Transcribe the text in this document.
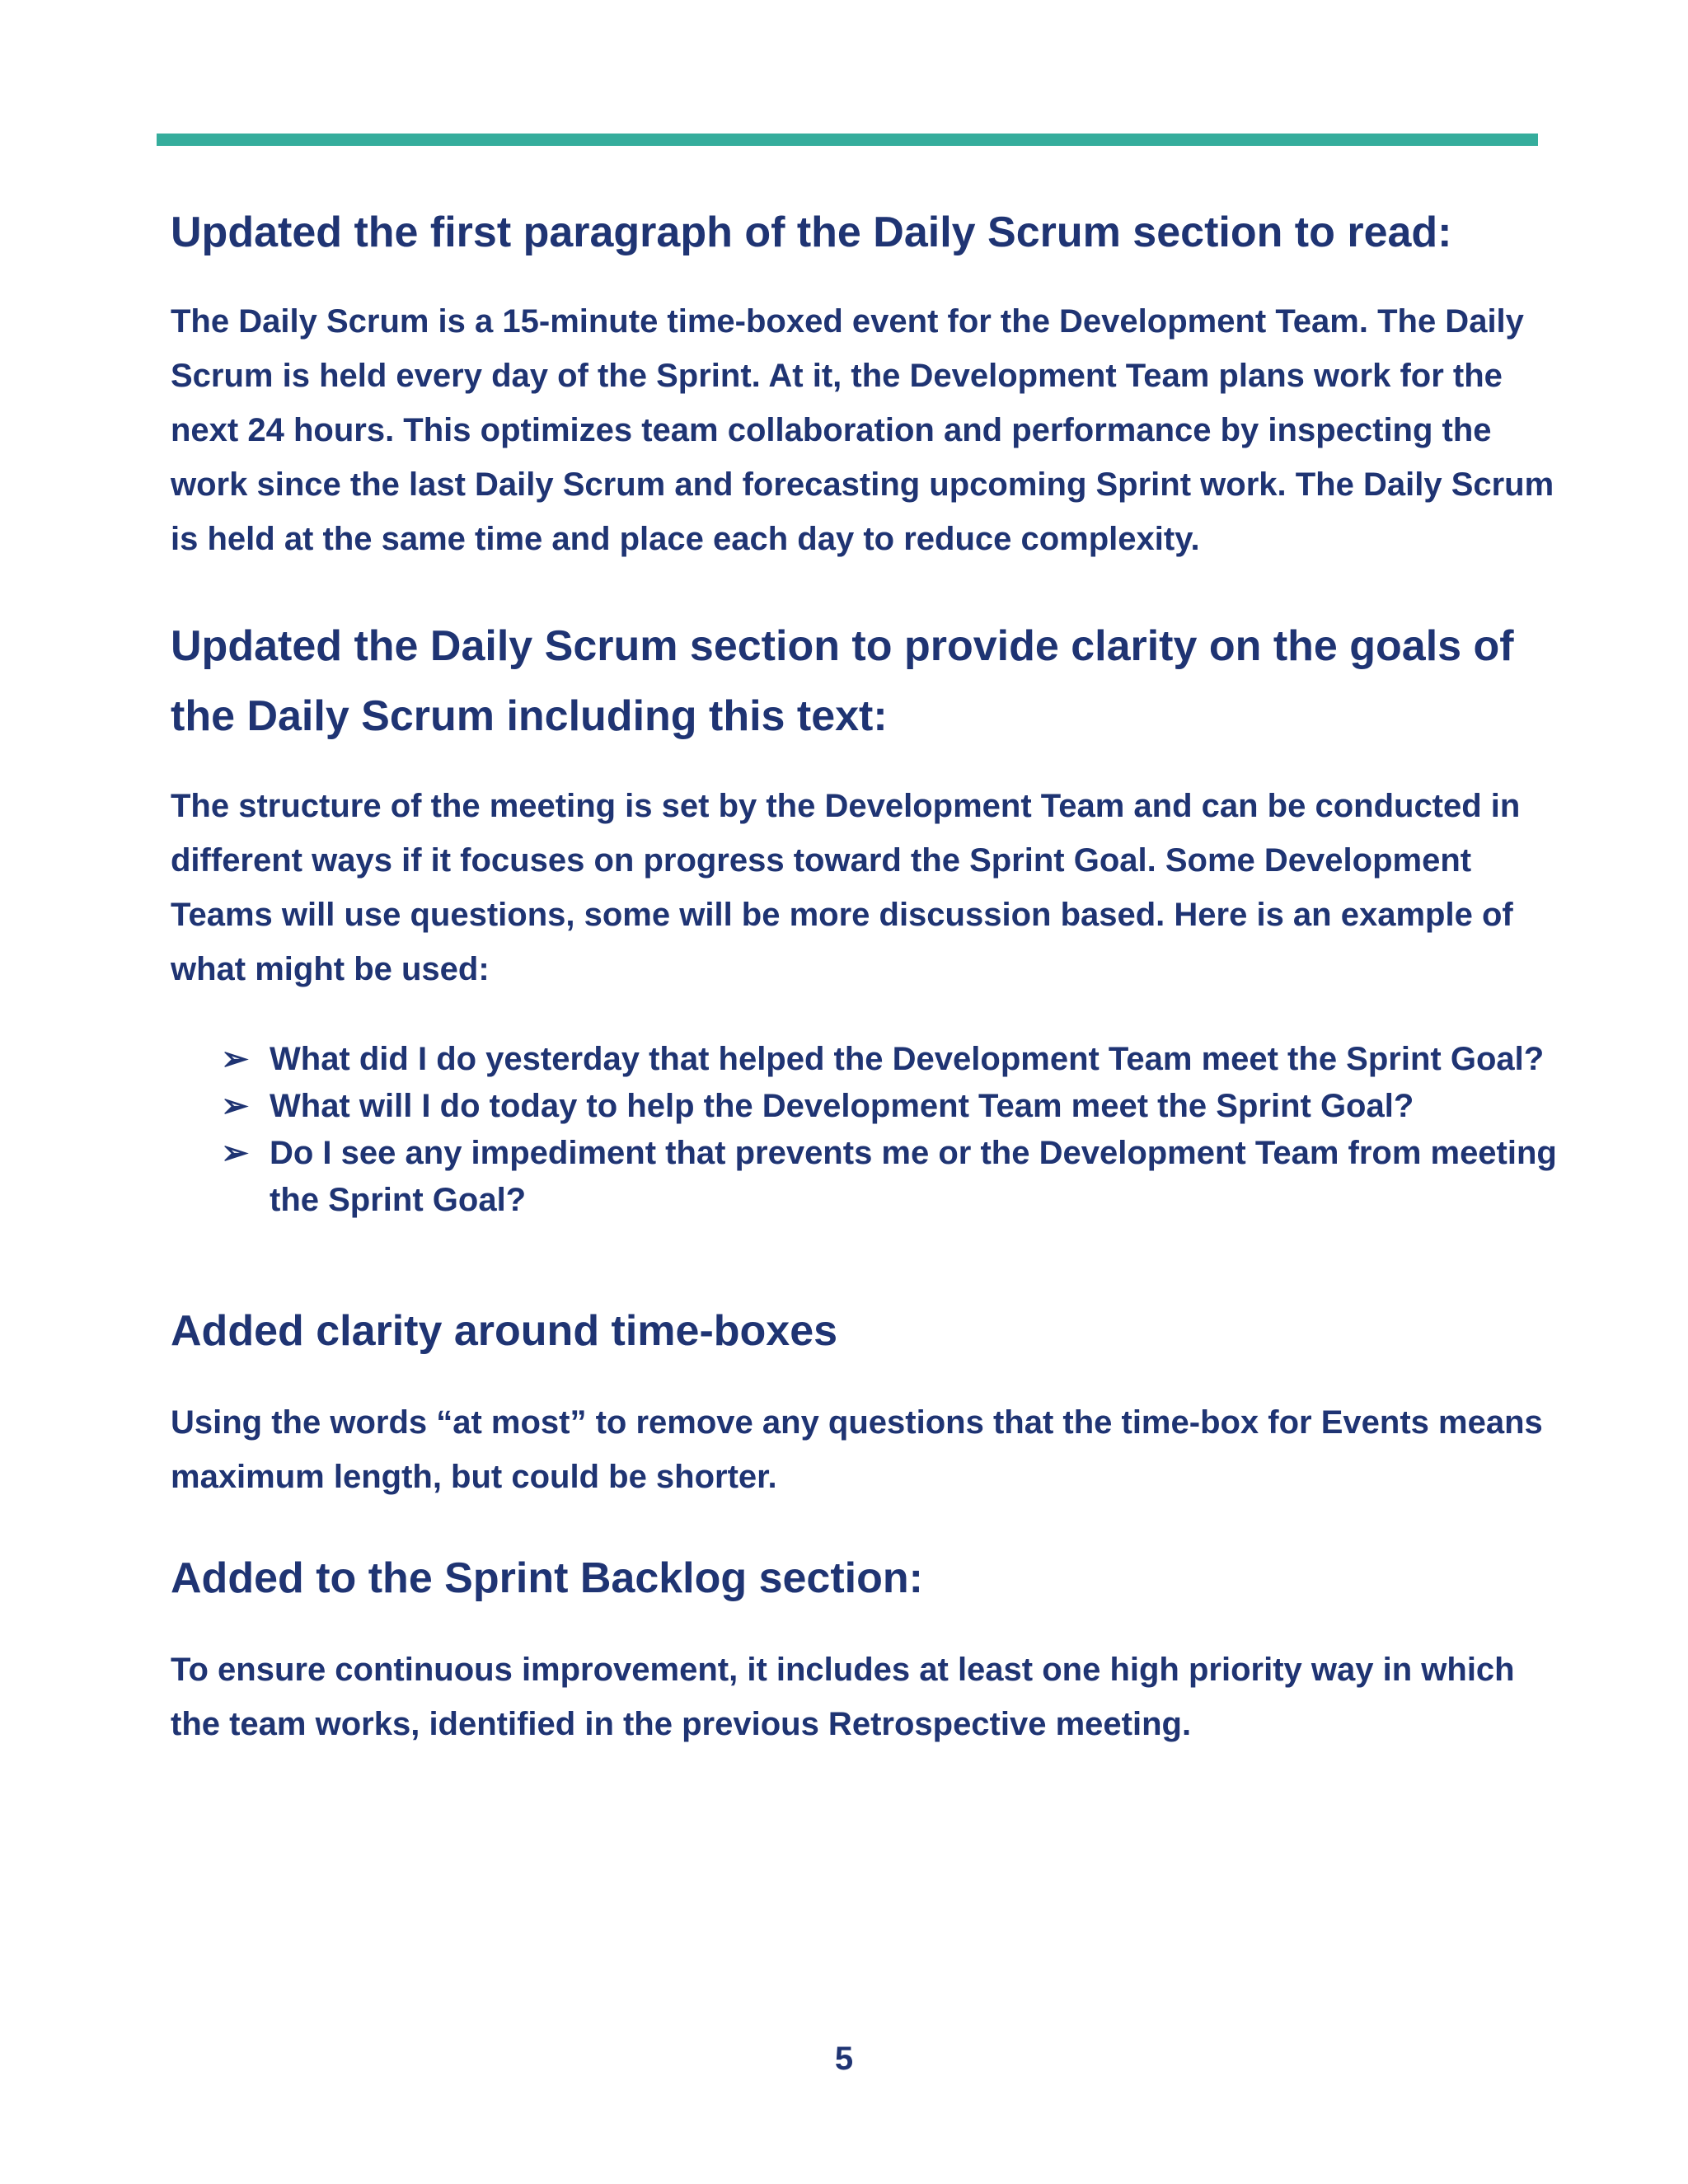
Updated the first paragraph of the Daily Scrum section to read:

The Daily Scrum is a 15-minute time-boxed event for the Development Team. The Daily Scrum is held every day of the Sprint. At it, the Development Team plans work for the next 24 hours. This optimizes team collaboration and performance by inspecting the work since the last Daily Scrum and forecasting upcoming Sprint work. The Daily Scrum is held at the same time and place each day to reduce complexity.

Updated the Daily Scrum section to provide clarity on the goals of the Daily Scrum including this text:

The structure of the meeting is set by the Development Team and can be conducted in different ways if it focuses on progress toward the Sprint Goal. Some Development Teams will use questions, some will be more discussion based. Here is an example of what might be used:

➢ What did I do yesterday that helped the Development Team meet the Sprint Goal?
➢ What will I do today to help the Development Team meet the Sprint Goal?
➢ Do I see any impediment that prevents me or the Development Team from meeting the Sprint Goal?
Added clarity around time-boxes

Using the words “at most” to remove any questions that the time-box for Events means maximum length, but could be shorter.

Added to the Sprint Backlog section:

To ensure continuous improvement, it includes at least one high priority way in which the team works, identified in the previous Retrospective meeting.

5
